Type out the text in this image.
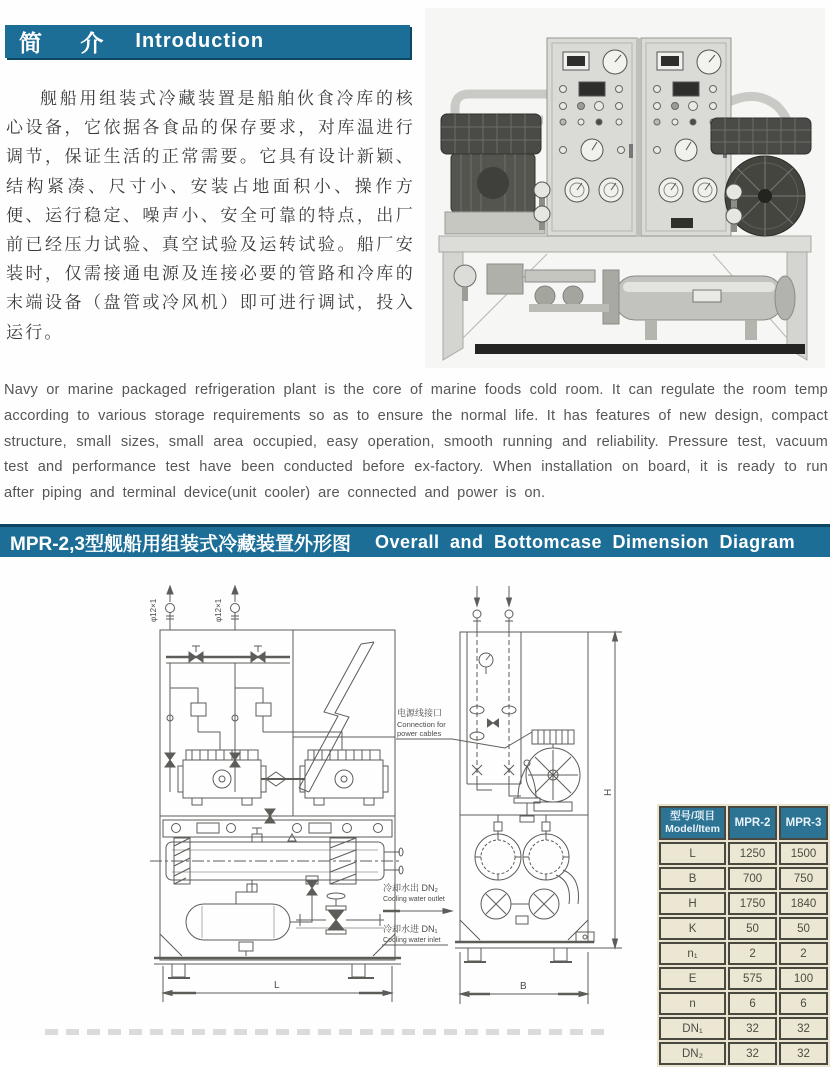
简 介 Introduction
舰船用组装式冷藏装置是船舶伙食冷库的核心设备，它依据各食品的保存要求，对库温进行调节，保证生活的正常需要。它具有设计新颖、结构紧凑、尺寸小、安装占地面积小、操作方便、运行稳定、噪声小、安全可靠的特点，出厂前已经压力试验、真空试验及运转试验。船厂安装时，仅需接通电源及连接必要的管路和冷库的末端设备（盘管或冷风机）即可进行调试，投入运行。
Navy or marine packaged refrigeration plant is the core of marine foods cold room. It can regulate the room temp according to various storage requirements so as to ensure the normal life. It has features of new design, compact structure, small sizes, small area occupied, easy operation, smooth running and reliability. Pressure test, vacuum test and performance test have been conducted before ex-factory. When installation on board, it is ready to run after piping and terminal device(unit cooler) are connected and power is on.
MPR-2,3型舰船用组装式冷藏装置外形图 Overall and Bottomcase Dimension Diagram
φ12×1	φ12×1
电源线接口
Connection for
power cables
冷却水出 DN₂
Cooling water outlet
冷却水进 DN₁
Cooling water inlet
L	B
H
型号/项目
Model/Item	MPR-2	MPR-3
L	1250	1500
B	700	750
H	1750	1840
K	50	50
n₁	2	2
E	575	100
n	6	6
DN₁	32	32
DN₂	32	32
